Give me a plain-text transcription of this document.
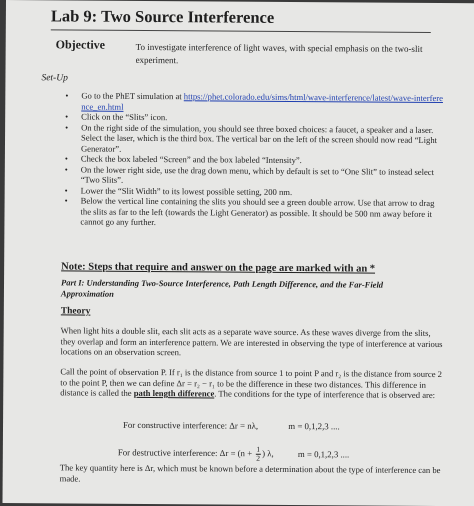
Lab 9: Two Source Interference
Objective	To investigate interference of light waves, with special emphasis on the two-slit experiment.
Set-Up
• Go to the PhET simulation at https://phet.colorado.edu/sims/html/wave-interference/latest/wave-interference_en.html
• Click on the “Slits” icon.
• On the right side of the simulation, you should see three boxed choices: a faucet, a speaker and a laser. Select the laser, which is the third box. The vertical bar on the left of the screen should now read “Light Generator”.
• Check the box labeled “Screen” and the box labeled “Intensity”.
• On the lower right side, use the drag down menu, which by default is set to “One Slit” to instead select “Two Slits”.
• Lower the “Slit Width” to its lowest possible setting, 200 nm.
• Below the vertical line containing the slits you should see a green double arrow. Use that arrow to drag the slits as far to the left (towards the Light Generator) as possible. It should be 500 nm away before it cannot go any further.
Note: Steps that require and answer on the page are marked with an *
Part I: Understanding Two-Source Interference, Path Length Difference, and the Far-Field Approximation
Theory
When light hits a double slit, each slit acts as a separate wave source. As these waves diverge from the slits, they overlap and form an interference pattern. We are interested in observing the type of interference at various locations on an observation screen.
Call the point of observation P. If r₁ is the distance from source 1 to point P and r₂ is the distance from source 2 to the point P, then we can define Δr = r₂ − r₁ to be the difference in these two distances. This difference in distance is called the path length difference. The conditions for the type of interference that is observed are:
For constructive interference: Δr = nλ,	m = 0,1,2,3 ....
For destructive interference: $\Delta r = (n + \frac{1}{2}$ ) λ,	m = 0,1,2,3 ....
The key quantity here is Δr, which must be known before a determination about the type of interference can be made.
